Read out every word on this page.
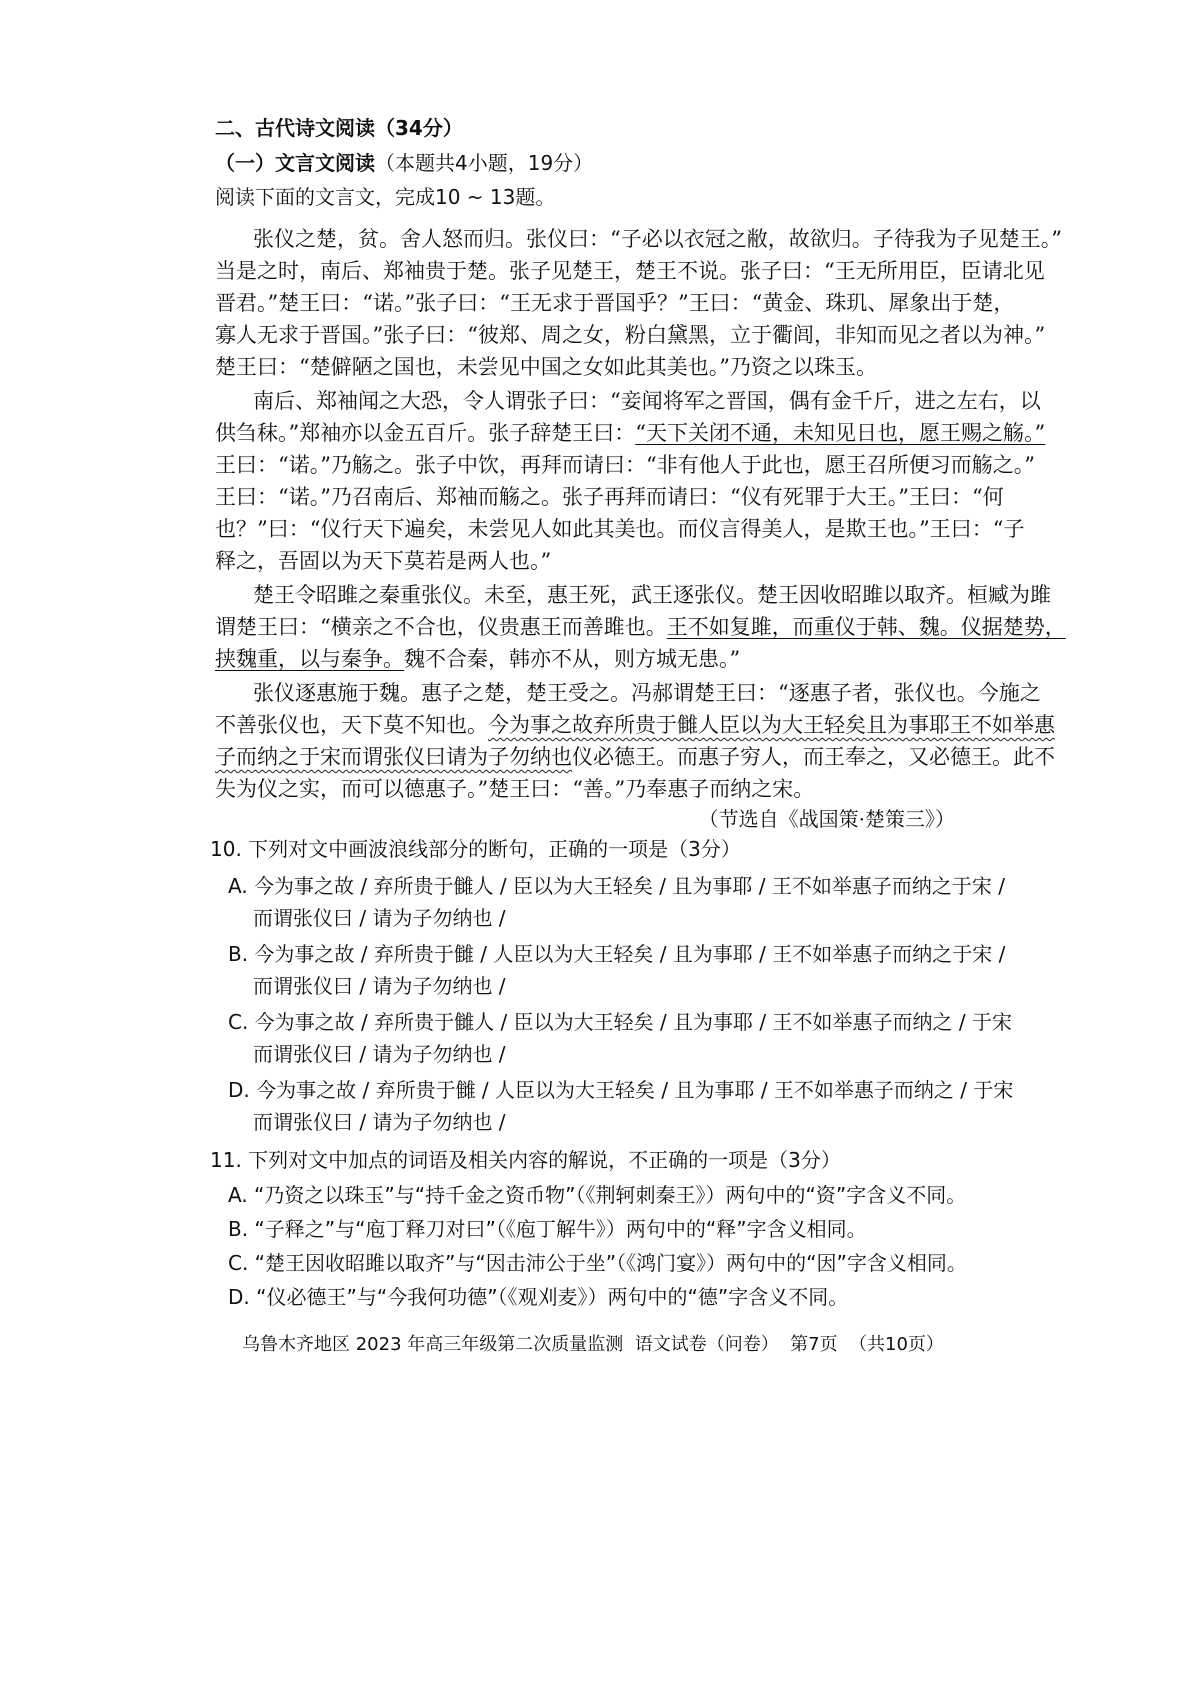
二、古代诗文阅读（34分）
（一）文言文阅读（本题共4小题，19分）
阅读下面的文言文，完成10 ~ 13题。
张仪之楚，贫。舍人怒而归。张仪曰：“子必以衣冠之敝，故欲归。子待我为子见楚王。”
当是之时，南后、郑袖贵于楚。张子见楚王，楚王不说。张子曰：“王无所用臣，臣请北见
晋君。”楚王曰：“诺。”张子曰：“王无求于晋国乎？”王曰：“黄金、珠玑、犀象出于楚，
寡人无求于晋国。”张子曰：“彼郑、周之女，粉白黛黑，立于衢闾，非知而见之者以为神。”
楚王曰：“楚僻陋之国也，未尝见中国之女如此其美也。”乃资之以珠玉。
南后、郑袖闻之大恐，令人谓张子曰：“妾闻将军之晋国，偶有金千斤，进之左右，以
供刍秣。”郑袖亦以金五百斤。张子辞楚王曰：“天下关闭不通，未知见日也，愿王赐之觞。”
王曰：“诺。”乃觞之。张子中饮，再拜而请曰：“非有他人于此也，愿王召所便习而觞之。”
王曰：“诺。”乃召南后、郑袖而觞之。张子再拜而请曰：“仪有死罪于大王。”王曰：“何
也？”曰：“仪行天下遍矣，未尝见人如此其美也。而仪言得美人，是欺王也。”王曰：“子
释之，吾固以为天下莫若是两人也。”
楚王令昭雎之秦重张仪。未至，惠王死，武王逐张仪。楚王因收昭雎以取齐。桓臧为雎
谓楚王曰：“横亲之不合也，仪贵惠王而善雎也。王不如复雎，而重仪于韩、魏。仪据楚势，
挟魏重，以与秦争。魏不合秦，韩亦不从，则方城无患。”
张仪逐惠施于魏。惠子之楚，楚王受之。冯郝谓楚王曰：“逐惠子者，张仪也。今施之
不善张仪也，天下莫不知也。今为事之故弃所贵于雠人臣以为大王轻矣且为事耶王不如举惠
子而纳之于宋而谓张仪曰请为子勿纳也仪必德王。而惠子穷人，而王奉之，又必德王。此不
失为仪之实，而可以德惠子。”楚王曰：“善。”乃奉惠子而纳之宋。
（节选自《战国策·楚策三》）
10. 下列对文中画波浪线部分的断句，正确的一项是（3分）
A. 今为事之故 / 弃所贵于雠人 / 臣以为大王轻矣 / 且为事耶 / 王不如举惠子而纳之于宋 /
而谓张仪曰 / 请为子勿纳也 /
B. 今为事之故 / 弃所贵于雠 / 人臣以为大王轻矣 / 且为事耶 / 王不如举惠子而纳之于宋 /
而谓张仪曰 / 请为子勿纳也 /
C. 今为事之故 / 弃所贵于雠人 / 臣以为大王轻矣 / 且为事耶 / 王不如举惠子而纳之 / 于宋
而谓张仪曰 / 请为子勿纳也 /
D. 今为事之故 / 弃所贵于雠 / 人臣以为大王轻矣 / 且为事耶 / 王不如举惠子而纳之 / 于宋
而谓张仪曰 / 请为子勿纳也 /
11. 下列对文中加点的词语及相关内容的解说，不正确的一项是（3分）
A. “乃资之以珠玉”与“持千金之资币物”（《荆轲刺秦王》）两句中的“资”字含义不同。
B. “子释之”与“庖丁释刀对曰”（《庖丁解牛》）两句中的“释”字含义相同。
C. “楚王因收昭雎以取齐”与“因击沛公于坐”（《鸿门宴》）两句中的“因”字含义相同。
D. “仪必德王”与“今我何功德”（《观刈麦》）两句中的“德”字含义不同。
乌鲁木齐地区 2023 年高三年级第二次质量监测  语文试卷（问卷）  第7页  （共10页）
